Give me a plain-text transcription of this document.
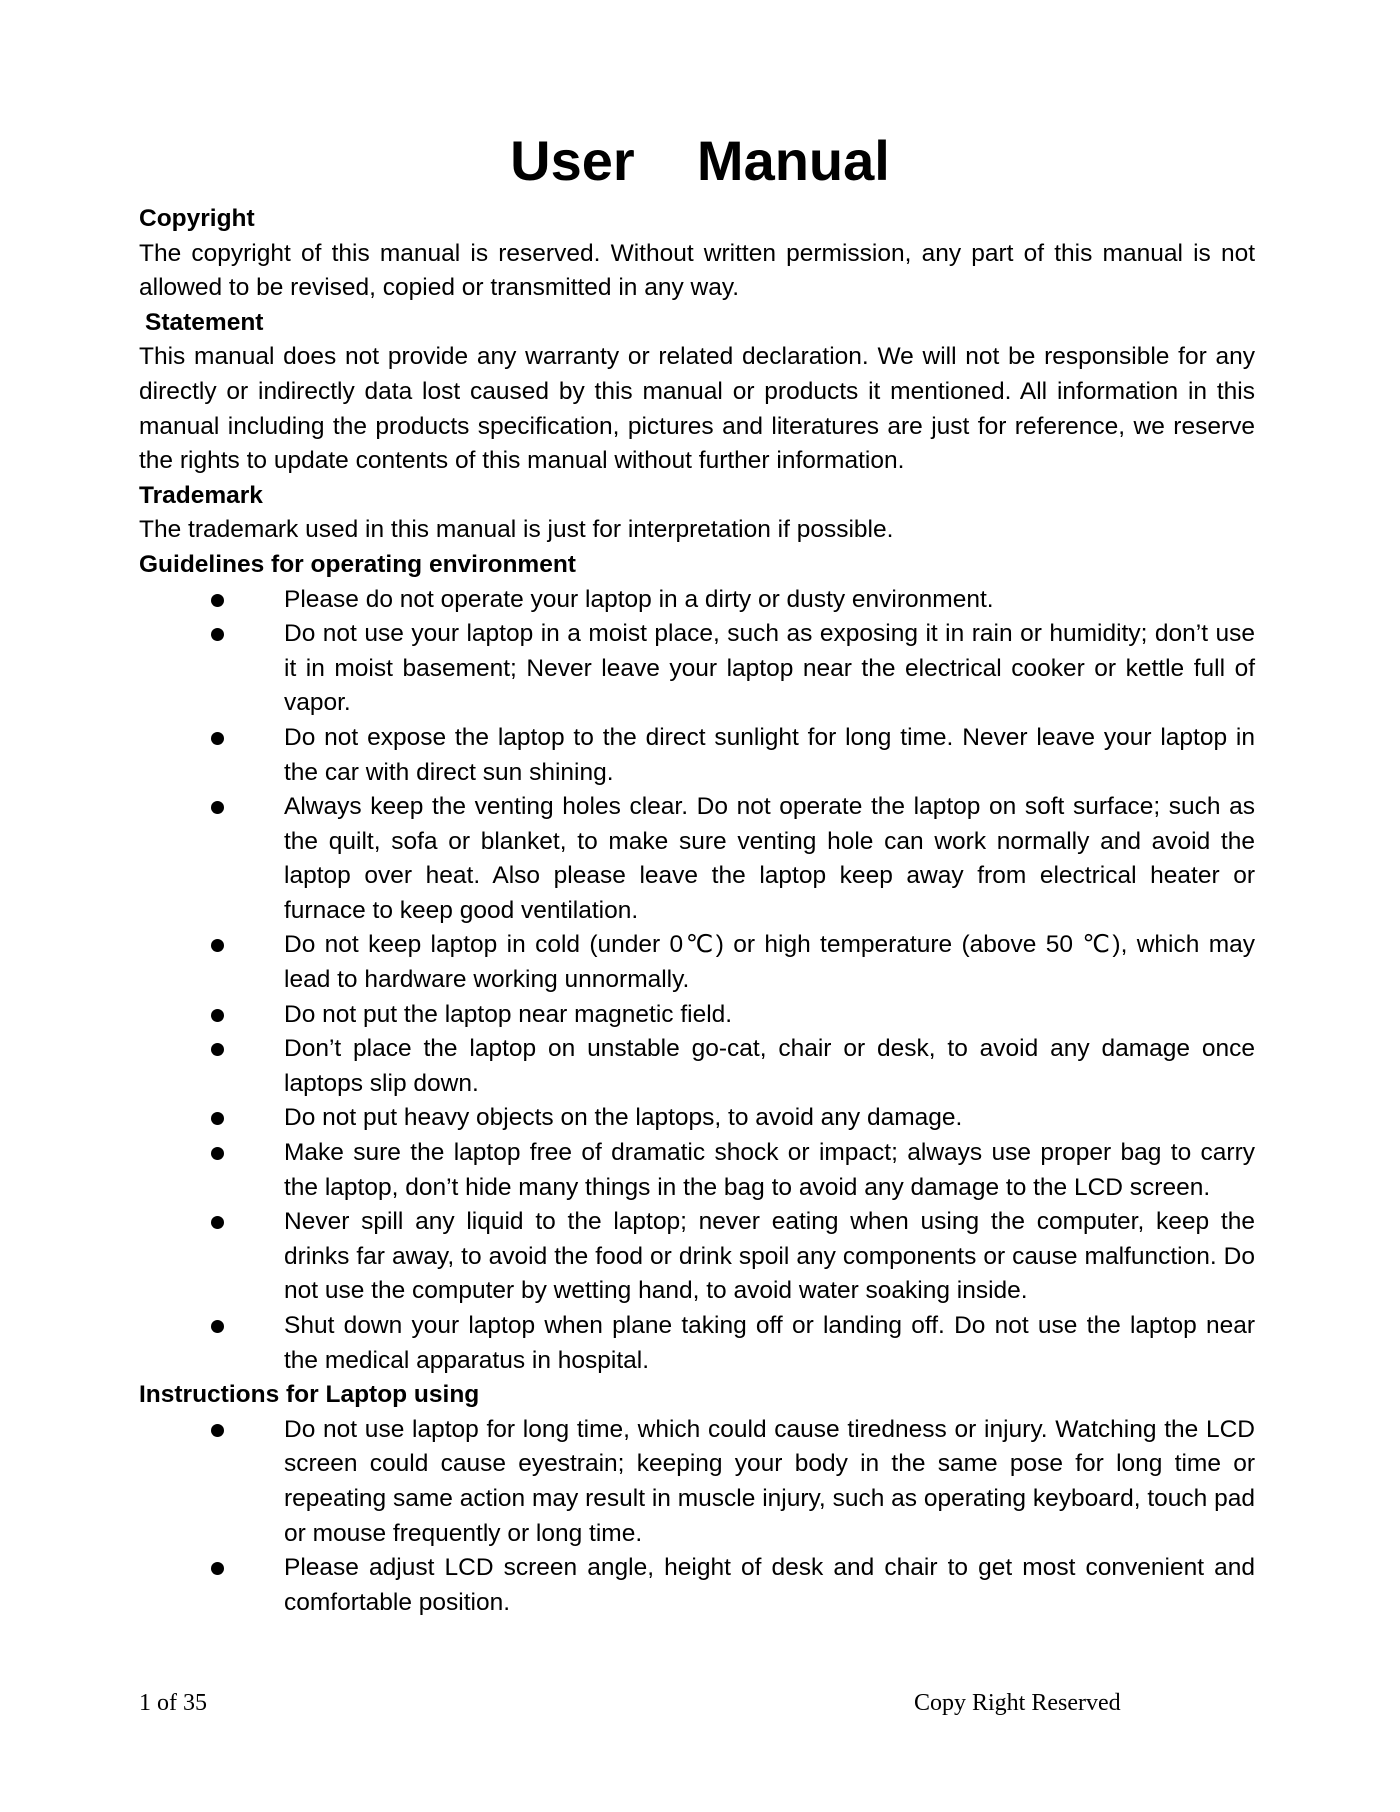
User    Manual

Copyright

The copyright of this manual is reserved. Without written permission, any part of this manual is not allowed to be revised, copied or transmitted in any way.

Statement

This manual does not provide any warranty or related declaration. We will not be responsible for any directly or indirectly data lost caused by this manual or products it mentioned. All information in this manual including the products specification, pictures and literatures are just for reference, we reserve the rights to update contents of this manual without further information.

Trademark

The trademark used in this manual is just for interpretation if possible.

Guidelines for operating environment

Please do not operate your laptop in a dirty or dusty environment.
Do not use your laptop in a moist place, such as exposing it in rain or humidity; don’t use it in moist basement; Never leave your laptop near the electrical cooker or kettle full of vapor.
Do not expose the laptop to the direct sunlight for long time. Never leave your laptop in the car with direct sun shining.
Always keep the venting holes clear. Do not operate the laptop on soft surface; such as the quilt, sofa or blanket, to make sure venting hole can work normally and avoid the laptop over heat. Also please leave the laptop keep away from electrical heater or furnace to keep good ventilation.
Do not keep laptop in cold (under 0℃) or high temperature (above 50 ℃), which may lead to hardware working unnormally.
Do not put the laptop near magnetic field.
Don’t place the laptop on unstable go-cat, chair or desk, to avoid any damage once laptops slip down.
Do not put heavy objects on the laptops, to avoid any damage.
Make sure the laptop free of dramatic shock or impact; always use proper bag to carry the laptop, don’t hide many things in the bag to avoid any damage to the LCD screen.
Never spill any liquid to the laptop; never eating when using the computer, keep the drinks far away, to avoid the food or drink spoil any components or cause malfunction. Do not use the computer by wetting hand, to avoid water soaking inside.
Shut down your laptop when plane taking off or landing off. Do not use the laptop near the medical apparatus in hospital.

Instructions for Laptop using

Do not use laptop for long time, which could cause tiredness or injury. Watching the LCD screen could cause eyestrain; keeping your body in the same pose for long time or repeating same action may result in muscle injury, such as operating keyboard, touch pad or mouse frequently or long time.
Please adjust LCD screen angle, height of desk and chair to get most convenient and comfortable position.
1 of 35	Copy Right Reserved
